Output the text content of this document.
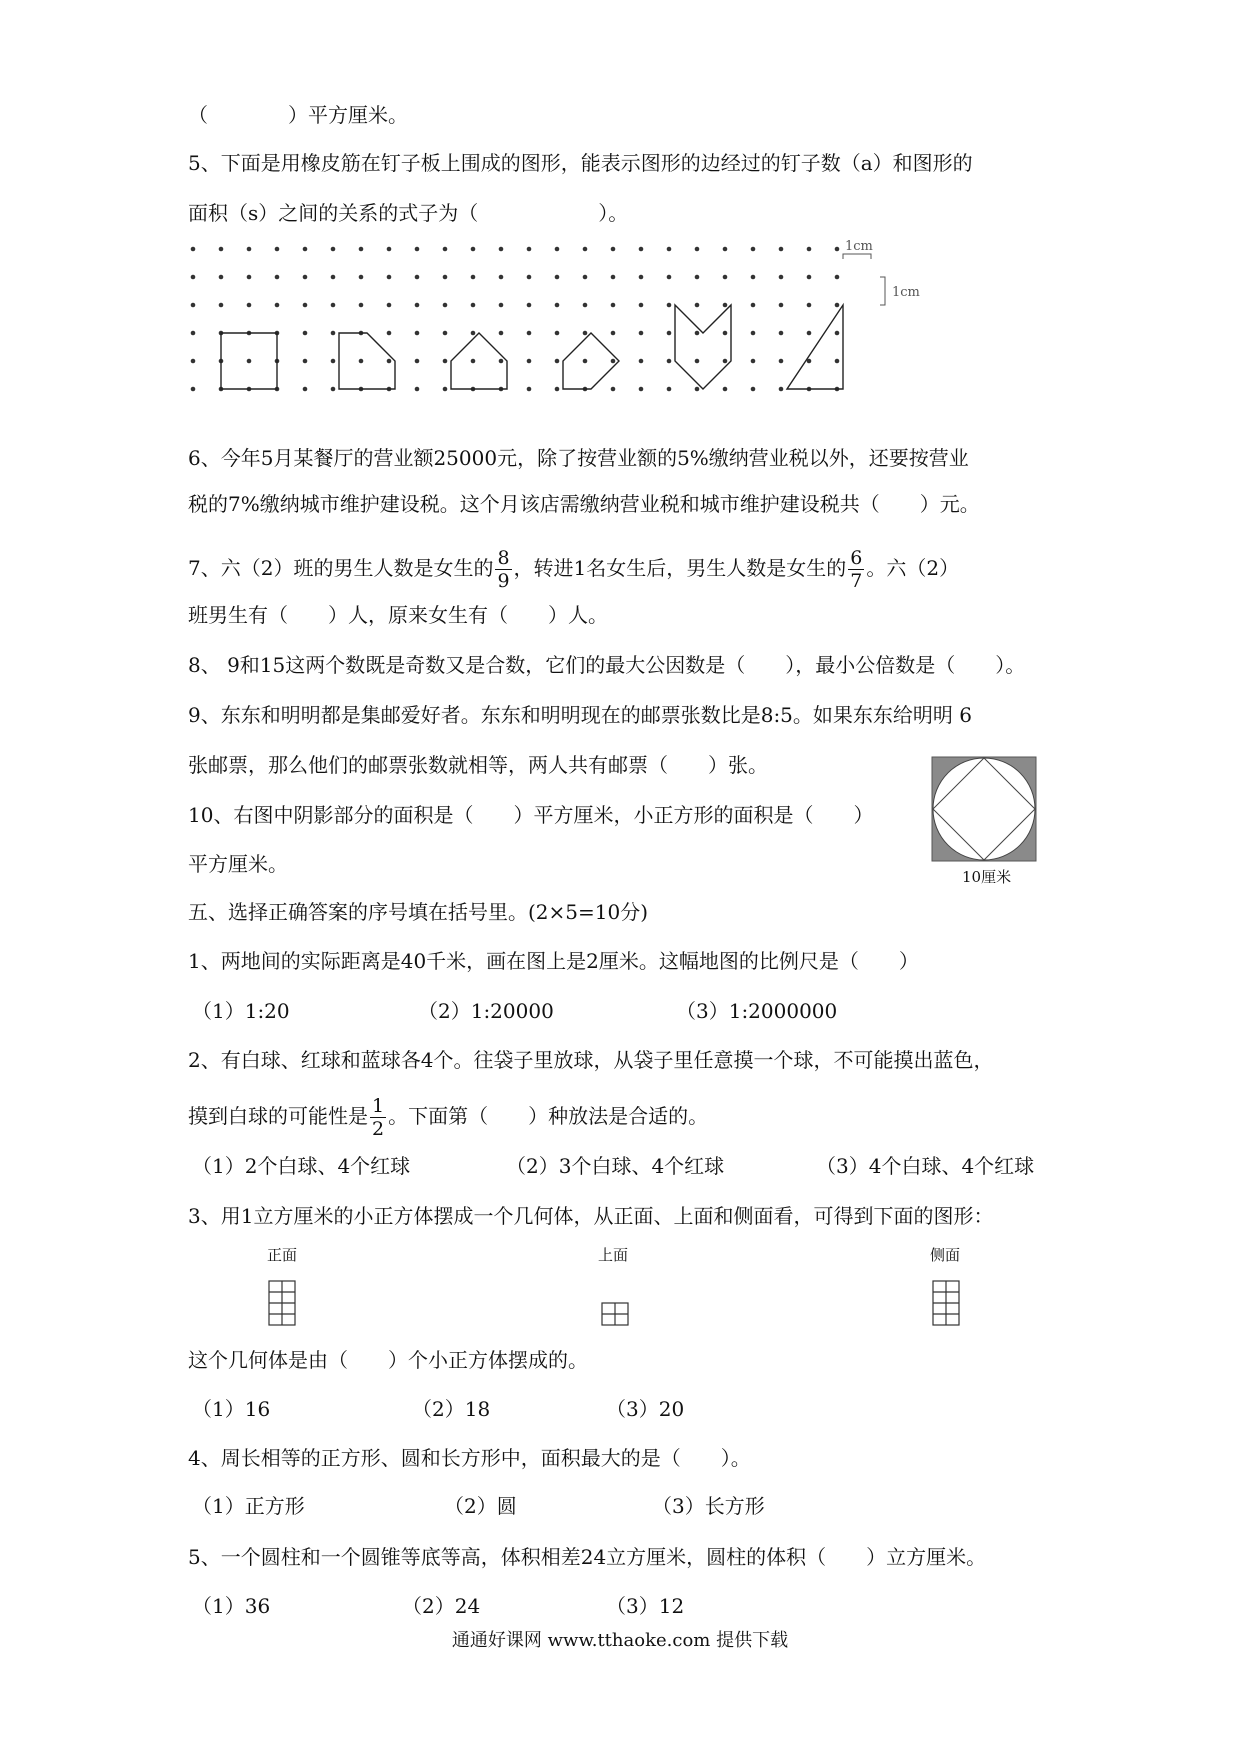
（　　　　）平方厘米。
5、下面是用橡皮筋在钉子板上围成的图形，能表示图形的边经过的钉子数（a）和图形的
面积（s）之间的关系的式子为（　　　　　　）。
1cm
1cm
6、今年5月某餐厅的营业额25000元，除了按营业额的5%缴纳营业税以外，还要按营业
税的7%缴纳城市维护建设税。这个月该店需缴纳营业税和城市维护建设税共（　　）元。
7、六（2）班的男生人数是女生的 $\frac{8}{9}$ ，转进1名女生后，男生人数是女生的 $\frac{6}{7}$ 。六（2）
班男生有（　　）人，原来女生有（　　）人。
8、 9和15这两个数既是奇数又是合数，它们的最大公因数是（　　），最小公倍数是（　　）。
9、东东和明明都是集邮爱好者。东东和明明现在的邮票张数比是8:5。如果东东给明明 6
张邮票，那么他们的邮票张数就相等，两人共有邮票（　　）张。
10、右图中阴影部分的面积是（　　）平方厘米，小正方形的面积是（　　）
平方厘米。
10厘米
五、选择正确答案的序号填在括号里。(2×5=10分)
1、两地间的实际距离是40千米，画在图上是2厘米。这幅地图的比例尺是（　　）
（1）1:20	（2）1:20000	（3）1:2000000
2、有白球、红球和蓝球各4个。往袋子里放球，从袋子里任意摸一个球，不可能摸出蓝色，
摸到白球的可能性是 $\frac{1}{2}$ 。下面第（　　）种放法是合适的。
（1）2个白球、4个红球	（2）3个白球、4个红球	（3）4个白球、4个红球
3、用1立方厘米的小正方体摆成一个几何体，从正面、上面和侧面看，可得到下面的图形：
正面	上面	侧面
这个几何体是由（　　）个小正方体摆成的。
（1）16	（2）18	（3）20
4、周长相等的正方形、圆和长方形中，面积最大的是（　　）。
（1）正方形	（2）圆	（3）长方形
5、一个圆柱和一个圆锥等底等高，体积相差24立方厘米，圆柱的体积（　　）立方厘米。
（1）36	（2）24	（3）12
通通好课网 www.tthaoke.com 提供下载
